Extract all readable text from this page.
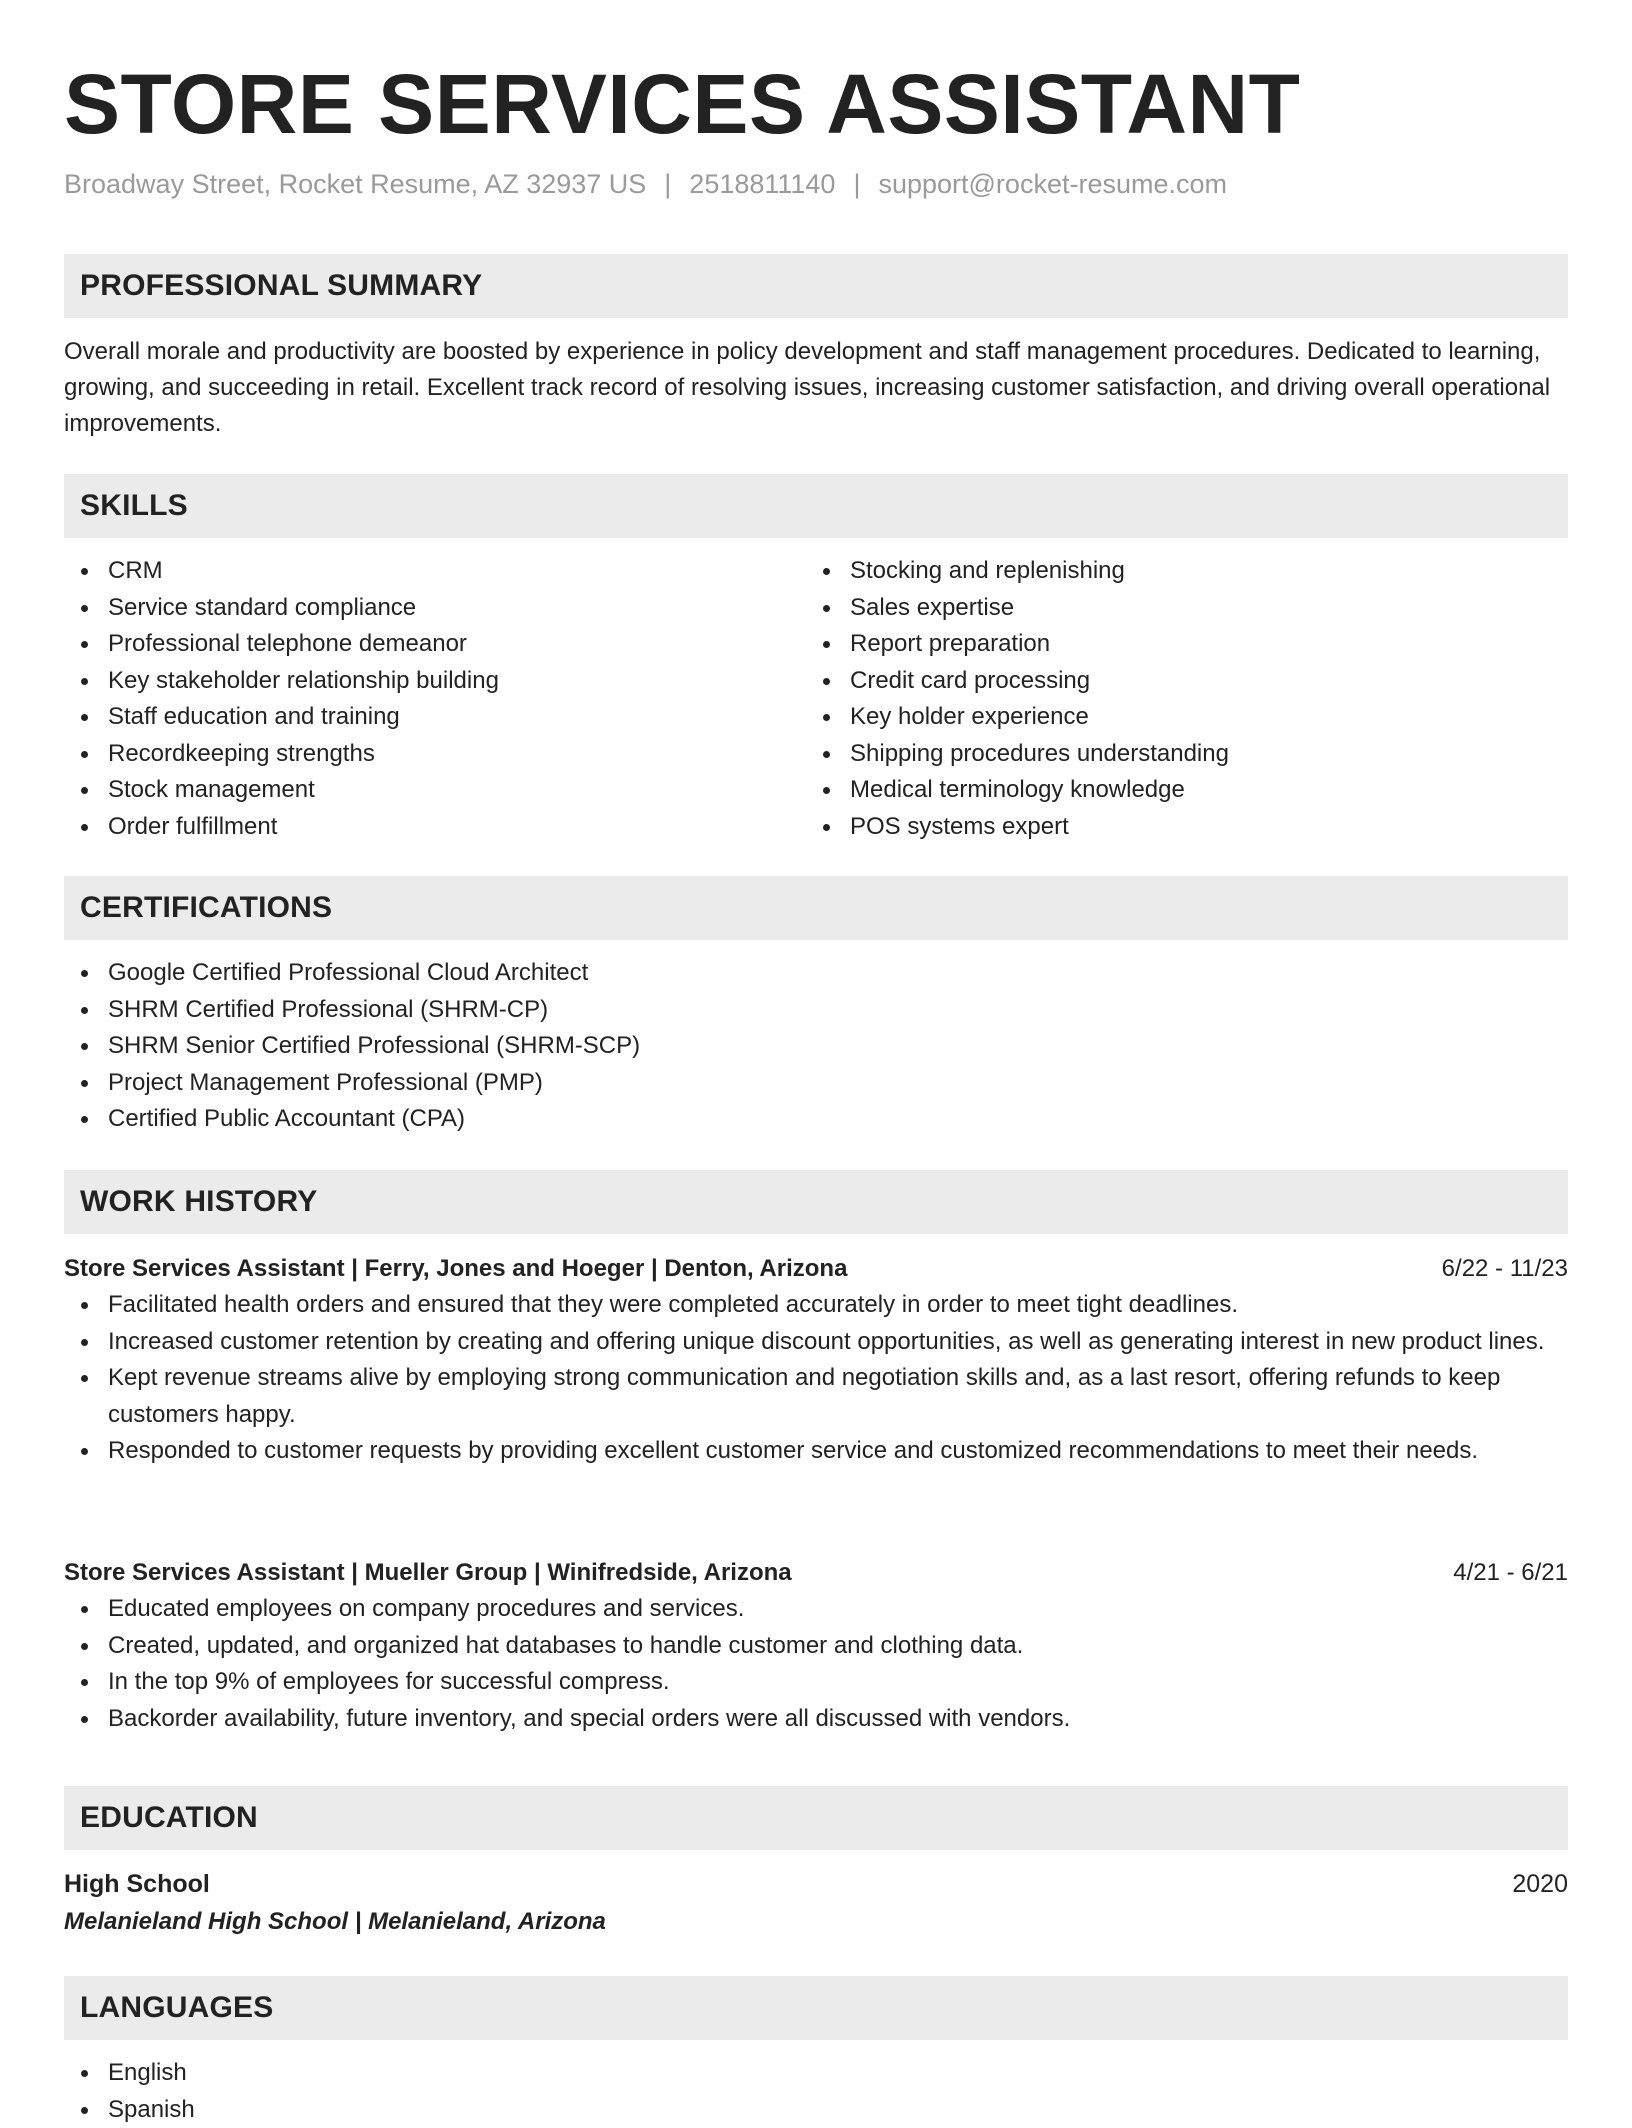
STORE SERVICES ASSISTANT
Broadway Street, Rocket Resume, AZ 32937 US | 2518811140 | support@rocket-resume.com
PROFESSIONAL SUMMARY
Overall morale and productivity are boosted by experience in policy development and staff management procedures. Dedicated to learning, growing, and succeeding in retail. Excellent track record of resolving issues, increasing customer satisfaction, and driving overall operational improvements.
SKILLS
CRM
Service standard compliance
Professional telephone demeanor
Key stakeholder relationship building
Staff education and training
Recordkeeping strengths
Stock management
Order fulfillment
Stocking and replenishing
Sales expertise
Report preparation
Credit card processing
Key holder experience
Shipping procedures understanding
Medical terminology knowledge
POS systems expert
CERTIFICATIONS
Google Certified Professional Cloud Architect
SHRM Certified Professional (SHRM-CP)
SHRM Senior Certified Professional (SHRM-SCP)
Project Management Professional (PMP)
Certified Public Accountant (CPA)
WORK HISTORY
Store Services Assistant | Ferry, Jones and Hoeger | Denton, Arizona	6/22 - 11/23
Facilitated health orders and ensured that they were completed accurately in order to meet tight deadlines.
Increased customer retention by creating and offering unique discount opportunities, as well as generating interest in new product lines.
Kept revenue streams alive by employing strong communication and negotiation skills and, as a last resort, offering refunds to keep customers happy.
Responded to customer requests by providing excellent customer service and customized recommendations to meet their needs.
Store Services Assistant | Mueller Group | Winifredside, Arizona	4/21 - 6/21
Educated employees on company procedures and services.
Created, updated, and organized hat databases to handle customer and clothing data.
In the top 9% of employees for successful compress.
Backorder availability, future inventory, and special orders were all discussed with vendors.
EDUCATION
High School	2020
Melanieland High School | Melanieland, Arizona
LANGUAGES
English
Spanish
